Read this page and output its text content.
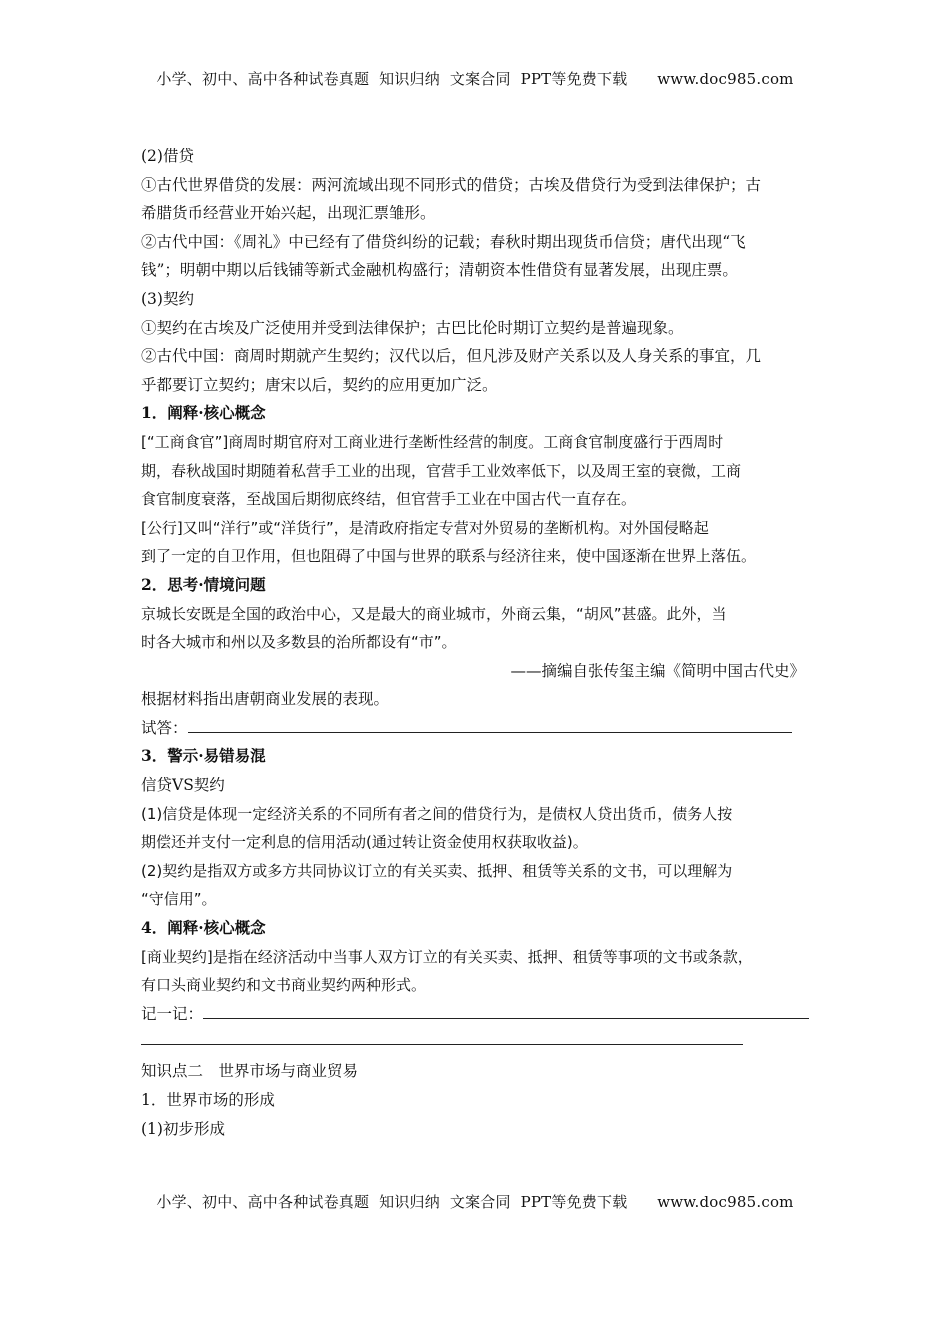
小学、初中、高中各种试卷真题  知识归纳  文案合同  PPT等免费下载      www.doc985.com

(2)借贷

①古代世界借贷的发展：两河流域出现不同形式的借贷；古埃及借贷行为受到法律保护；古

希腊货币经营业开始兴起，出现汇票雏形。

②古代中国：《周礼》中已经有了借贷纠纷的记载；春秋时期出现货币信贷；唐代出现“飞

钱”；明朝中期以后钱铺等新式金融机构盛行；清朝资本性借贷有显著发展，出现庄票。

(3)契约

①契约在古埃及广泛使用并受到法律保护；古巴比伦时期订立契约是普遍现象。

②古代中国：商周时期就产生契约；汉代以后，但凡涉及财产关系以及人身关系的事宜，几

乎都要订立契约；唐宋以后，契约的应用更加广泛。

1．阐释·核心概念

[“工商食官”]商周时期官府对工商业进行垄断性经营的制度。工商食官制度盛行于西周时

期，春秋战国时期随着私营手工业的出现，官营手工业效率低下，以及周王室的衰微，工商

食官制度衰落，至战国后期彻底终结，但官营手工业在中国古代一直存在。

[公行]又叫“洋行”或“洋货行”，是清政府指定专营对外贸易的垄断机构。对外国侵略起

到了一定的自卫作用，但也阻碍了中国与世界的联系与经济往来，使中国逐渐在世界上落伍。

2．思考·情境问题

京城长安既是全国的政治中心，又是最大的商业城市，外商云集，“胡风”甚盛。此外，当

时各大城市和州以及多数县的治所都设有“市”。

——摘编自张传玺主编《简明中国古代史》

根据材料指出唐朝商业发展的表现。

试答：

3．警示·易错易混

信贷VS契约

(1)信贷是体现一定经济关系的不同所有者之间的借贷行为，是债权人贷出货币，债务人按

期偿还并支付一定利息的信用活动(通过转让资金使用权获取收益)。

(2)契约是指双方或多方共同协议订立的有关买卖、抵押、租赁等关系的文书，可以理解为

“守信用”。

4．阐释·核心概念

[商业契约]是指在经济活动中当事人双方订立的有关买卖、抵押、租赁等事项的文书或条款，

有口头商业契约和文书商业契约两种形式。

记一记：

知识点二　世界市场与商业贸易

1．世界市场的形成

(1)初步形成

小学、初中、高中各种试卷真题  知识归纳  文案合同  PPT等免费下载      www.doc985.com
